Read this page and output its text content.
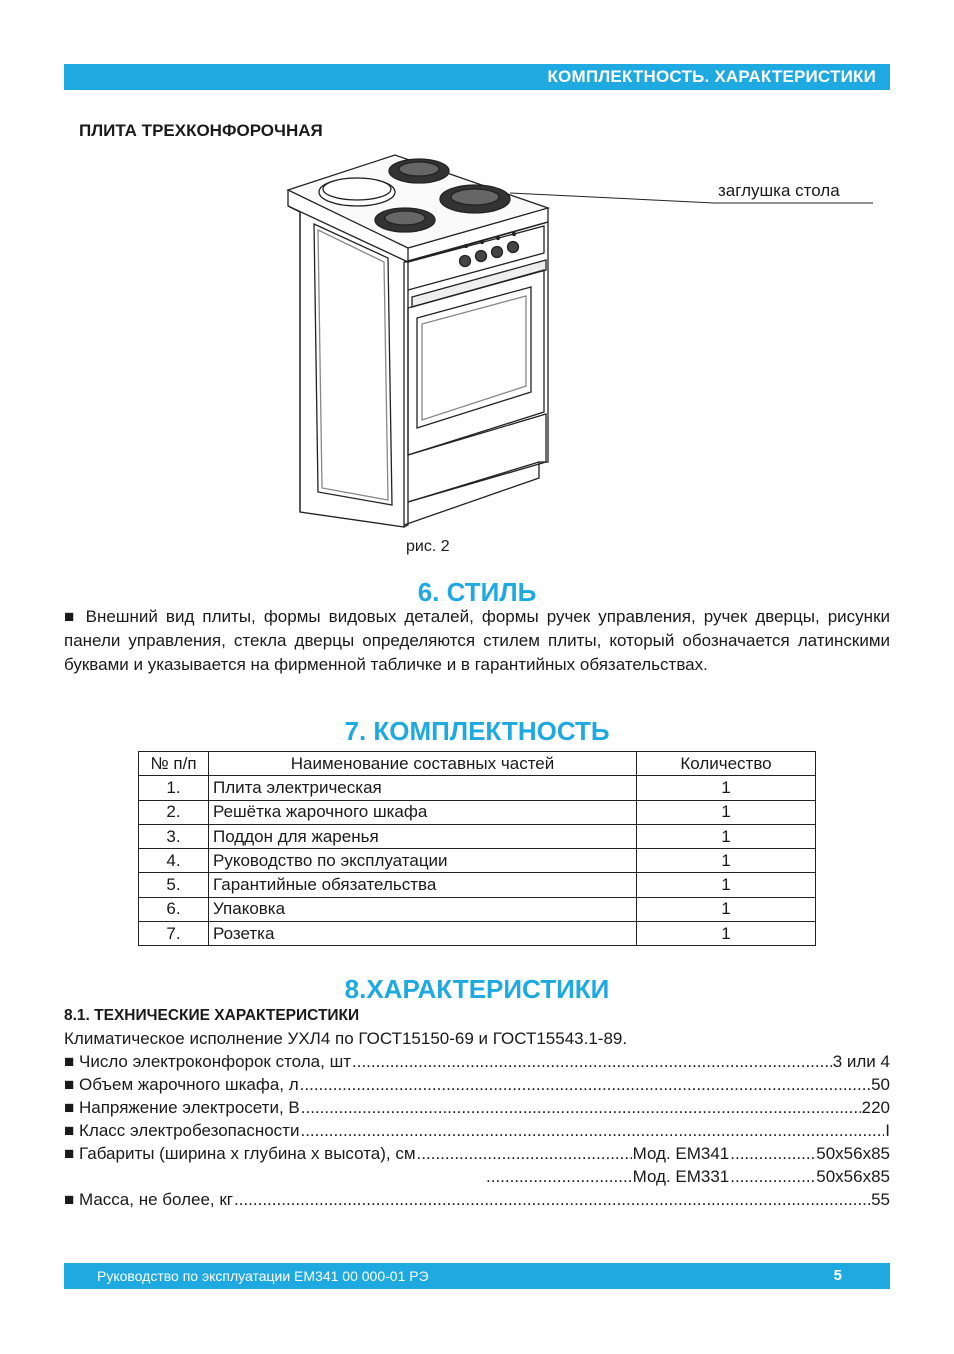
КОМПЛЕКТНОСТЬ. ХАРАКТЕРИСТИКИ
ПЛИТА ТРЕХКОНФОРОЧНАЯ
заглушка стола
рис. 2
6. СТИЛЬ
■ Внешний вид плиты, формы видовых деталей, формы ручек управления, ручек дверцы, рисунки панели управления, стекла дверцы определяются стилем плиты, который обозначается латинскими буквами и указывается на фирменной табличке и в гарантийных обязательствах.
7. КОМПЛЕКТНОСТЬ
№ п/п	Наименование составных частей	Количество
1.	Плита электрическая	1
2.	Решётка жарочного шкафа	1
3.	Поддон для жаренья	1
4.	Руководство по эксплуатации	1
5.	Гарантийные обязательства	1
6.	Упаковка	1
7.	Розетка	1
8.ХАРАКТЕРИСТИКИ
8.1. ТЕХНИЧЕСКИЕ ХАРАКТЕРИСТИКИ
Климатическое исполнение УХЛ4 по ГОСТ15150-69 и ГОСТ15543.1-89.
■ Число электроконфорок стола, шт .....	3 или 4
■ Объем жарочного шкафа, л .....	50
■ Напряжение электросети, В .....	220
■ Класс электробезопасности .....	I
■ Габариты (ширина х глубина х высота), см .....	Мод. ЕМ341 .....	50x56x85
.....
Мод. ЕМ331 .....	50x56x85
■ Масса, не более, кг .....	55
Руководство по эксплуатации ЕМ341 00 000-01 РЭ	5
